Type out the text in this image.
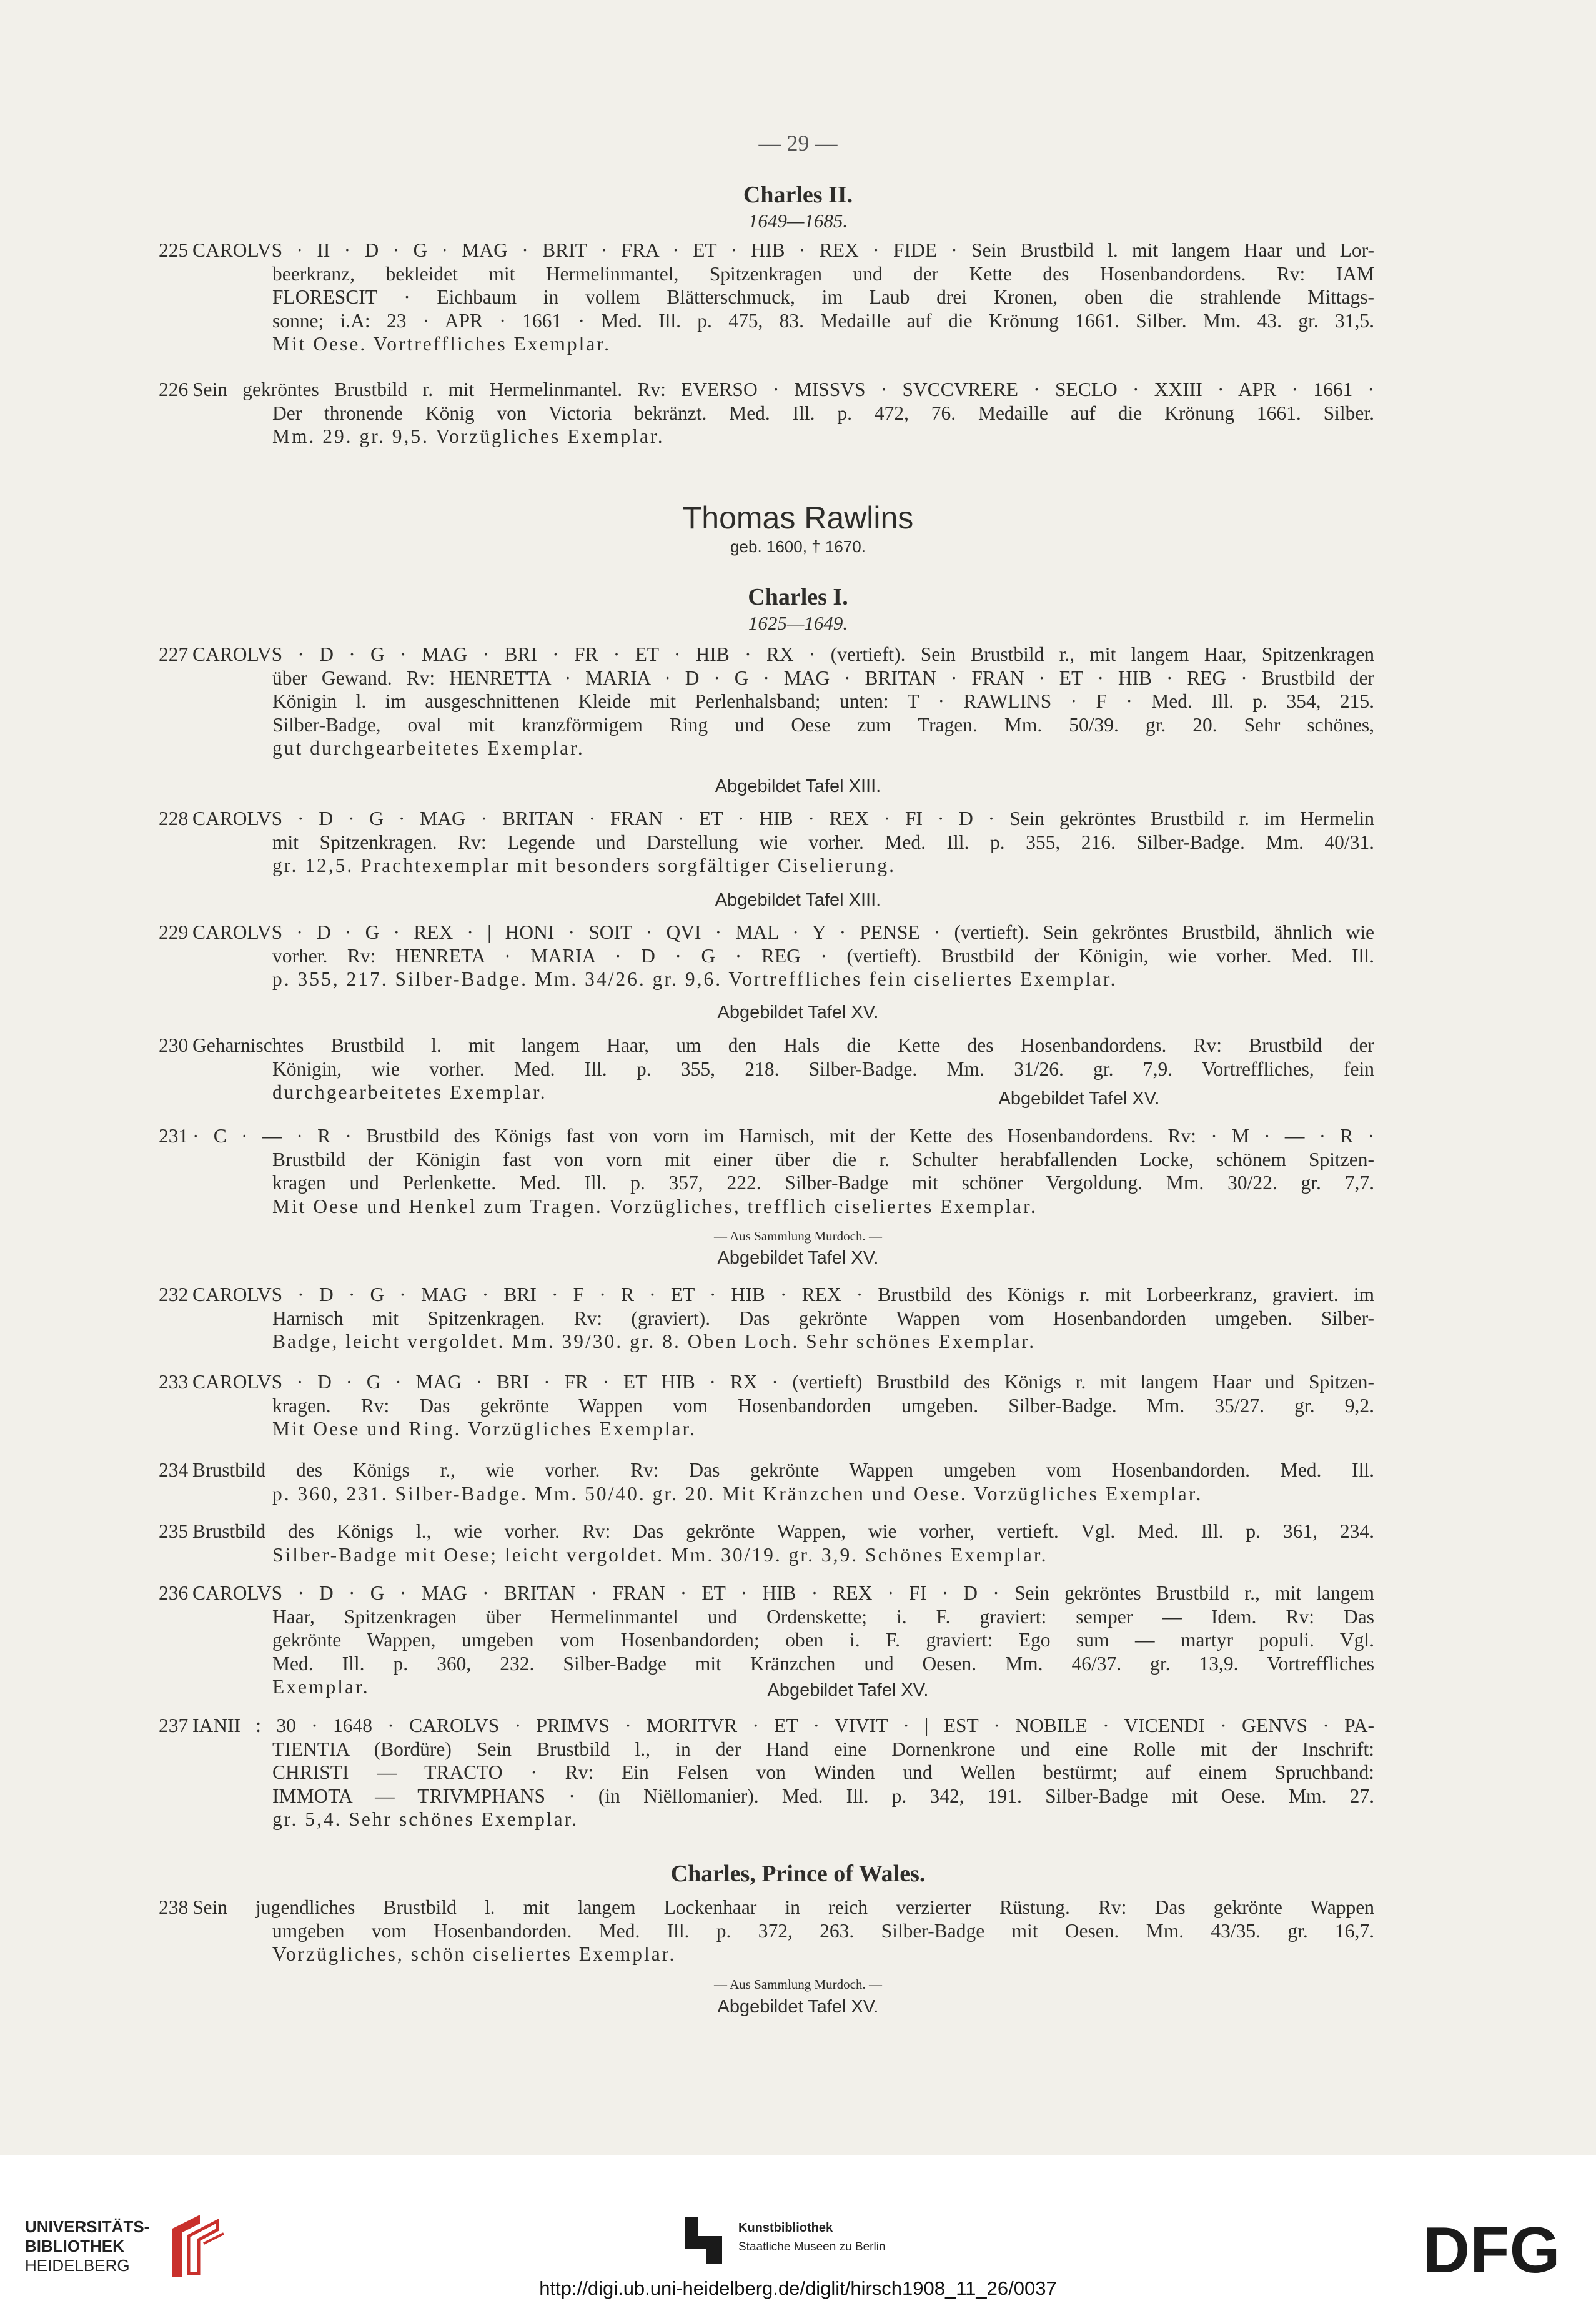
— 29 —
Charles II.
1649—1685.
225 CAROLVS · II · D · G · MAG · BRIT · FRA · ET · HIB · REX · FIDE · Sein Brustbild l. mit langem Haar und Lor-
beerkranz, bekleidet mit Hermelinmantel, Spitzenkragen und der Kette des Hosenbandordens. Rv: IAM
FLORESCIT · Eichbaum in vollem Blätterschmuck, im Laub drei Kronen, oben die strahlende Mittags-
sonne; i.A: 23 · APR · 1661 · Med. Ill. p. 475, 83. Medaille auf die Krönung 1661. Silber. Mm. 43. gr. 31,5.
Mit Oese. Vortreffliches Exemplar.
226 Sein gekröntes Brustbild r. mit Hermelinmantel. Rv: EVERSO · MISSVS · SVCCVRERE · SECLO · XXIII · APR · 1661 ·
Der thronende König von Victoria bekränzt. Med. Ill. p. 472, 76. Medaille auf die Krönung 1661. Silber.
Mm. 29. gr. 9,5. Vorzügliches Exemplar.
Thomas Rawlins
geb. 1600, † 1670.
Charles I.
1625—1649.
227 CAROLVS · D · G · MAG · BRI · FR · ET · HIB · RX · (vertieft). Sein Brustbild r., mit langem Haar, Spitzenkragen
über Gewand. Rv: HENRETTA · MARIA · D · G · MAG · BRITAN · FRAN · ET · HIB · REG · Brustbild der
Königin l. im ausgeschnittenen Kleide mit Perlenhalsband; unten: T · RAWLINS · F · Med. Ill. p. 354, 215.
Silber-Badge, oval mit kranzförmigem Ring und Oese zum Tragen. Mm. 50/39. gr. 20. Sehr schönes,
gut durchgearbeitetes Exemplar.
Abgebildet Tafel XIII.
228 CAROLVS · D · G · MAG · BRITAN · FRAN · ET · HIB · REX · FI · D · Sein gekröntes Brustbild r. im Hermelin
mit Spitzenkragen. Rv: Legende und Darstellung wie vorher. Med. Ill. p. 355, 216. Silber-Badge. Mm. 40/31.
gr. 12,5. Prachtexemplar mit besonders sorgfältiger Ciselierung.
Abgebildet Tafel XIII.
229 CAROLVS · D · G · REX · | HONI · SOIT · QVI · MAL · Y · PENSE · (vertieft). Sein gekröntes Brustbild, ähnlich wie
vorher. Rv: HENRETA · MARIA · D · G · REG · (vertieft). Brustbild der Königin, wie vorher. Med. Ill.
p. 355, 217. Silber-Badge. Mm. 34/26. gr. 9,6. Vortreffliches fein ciseliertes Exemplar.
Abgebildet Tafel XV.
230 Geharnischtes Brustbild l. mit langem Haar, um den Hals die Kette des Hosenbandordens. Rv: Brustbild der
Königin, wie vorher. Med. Ill. p. 355, 218. Silber-Badge. Mm. 31/26. gr. 7,9. Vortreffliches, fein
durchgearbeitetes Exemplar.	Abgebildet Tafel XV.
231 · C · — · R · Brustbild des Königs fast von vorn im Harnisch, mit der Kette des Hosenbandordens. Rv: · M · — · R ·
Brustbild der Königin fast von vorn mit einer über die r. Schulter herabfallenden Locke, schönem Spitzen-
kragen und Perlenkette. Med. Ill. p. 357, 222. Silber-Badge mit schöner Vergoldung. Mm. 30/22. gr. 7,7.
Mit Oese und Henkel zum Tragen. Vorzügliches, trefflich ciseliertes Exemplar.
— Aus Sammlung Murdoch. —
Abgebildet Tafel XV.
232 CAROLVS · D · G · MAG · BRI · F · R · ET · HIB · REX · Brustbild des Königs r. mit Lorbeerkranz, graviert. im
Harnisch mit Spitzenkragen. Rv: (graviert). Das gekrönte Wappen vom Hosenbandorden umgeben. Silber-
Badge, leicht vergoldet. Mm. 39/30. gr. 8. Oben Loch. Sehr schönes Exemplar.
233 CAROLVS · D · G · MAG · BRI · FR · ET HIB · RX · (vertieft) Brustbild des Königs r. mit langem Haar und Spitzen-
kragen. Rv: Das gekrönte Wappen vom Hosenbandorden umgeben. Silber-Badge. Mm. 35/27. gr. 9,2.
Mit Oese und Ring. Vorzügliches Exemplar.
234 Brustbild des Königs r., wie vorher. Rv: Das gekrönte Wappen umgeben vom Hosenbandorden. Med. Ill.
p. 360, 231. Silber-Badge. Mm. 50/40. gr. 20. Mit Kränzchen und Oese. Vorzügliches Exemplar.
235 Brustbild des Königs l., wie vorher. Rv: Das gekrönte Wappen, wie vorher, vertieft. Vgl. Med. Ill. p. 361, 234.
Silber-Badge mit Oese; leicht vergoldet. Mm. 30/19. gr. 3,9. Schönes Exemplar.
236 CAROLVS · D · G · MAG · BRITAN · FRAN · ET · HIB · REX · FI · D · Sein gekröntes Brustbild r., mit langem
Haar, Spitzenkragen über Hermelinmantel und Ordenskette; i. F. graviert: semper — Idem. Rv: Das
gekrönte Wappen, umgeben vom Hosenbandorden; oben i. F. graviert: Ego sum — martyr populi. Vgl.
Med. Ill. p. 360, 232. Silber-Badge mit Kränzchen und Oesen. Mm. 46/37. gr. 13,9. Vortreffliches
Exemplar.	Abgebildet Tafel XV.
237 IANII : 30 · 1648 · CAROLVS · PRIMVS · MORITVR · ET · VIVIT · | EST · NOBILE · VICENDI · GENVS · PA-
TIENTIA (Bordüre) Sein Brustbild l., in der Hand eine Dornenkrone und eine Rolle mit der Inschrift:
CHRISTI — TRACTO · Rv: Ein Felsen von Winden und Wellen bestürmt; auf einem Spruchband:
IMMOTA — TRIVMPHANS · (in Niëllomanier). Med. Ill. p. 342, 191. Silber-Badge mit Oese. Mm. 27.
gr. 5,4. Sehr schönes Exemplar.
Charles, Prince of Wales.
238 Sein jugendliches Brustbild l. mit langem Lockenhaar in reich verzierter Rüstung. Rv: Das gekrönte Wappen
umgeben vom Hosenbandorden. Med. Ill. p. 372, 263. Silber-Badge mit Oesen. Mm. 43/35. gr. 16,7.
Vorzügliches, schön ciseliertes Exemplar.
— Aus Sammlung Murdoch. —
Abgebildet Tafel XV.
UNIVERSITÄTS-
BIBLIOTHEK
HEIDELBERG
Kunstbibliothek
Staatliche Museen zu Berlin	DFG
http://digi.ub.uni-heidelberg.de/diglit/hirsch1908_11_26/0037
